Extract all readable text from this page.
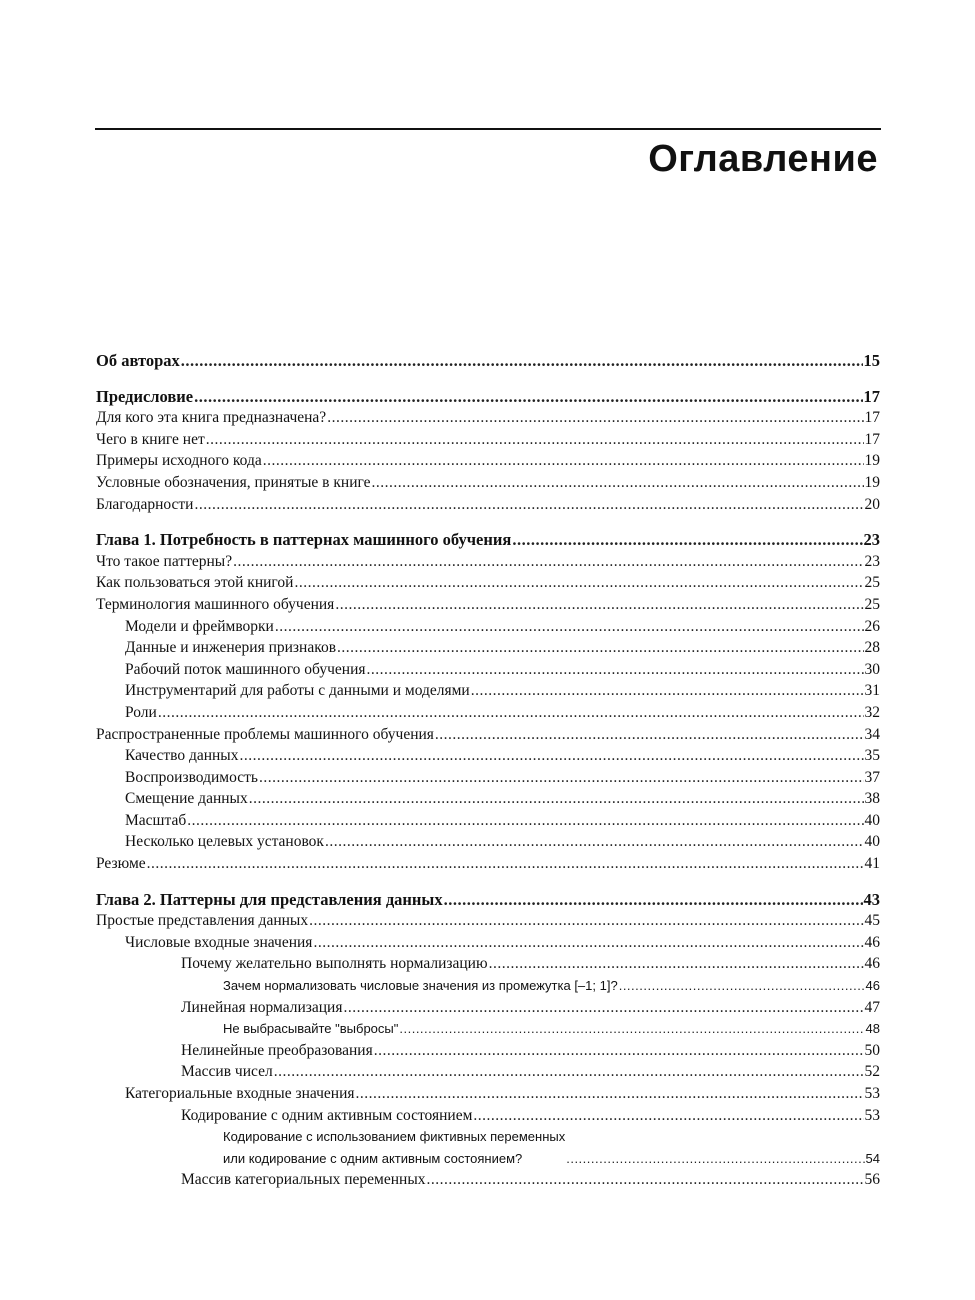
Оглавление
Об авторах .....	15
Предисловие .....	17
Для кого эта книга предназначена? .....	17
Чего в книге нет .....	17
Примеры исходного кода .....	19
Условные обозначения, принятые в книге .....	19
Благодарности .....	20
Глава 1. Потребность в паттернах машинного обучения .....	23
Что такое паттерны? .....	23
Как пользоваться этой книгой .....	25
Терминология машинного обучения .....	25
Модели и фреймворки .....	26
Данные и инженерия признаков .....	28
Рабочий поток машинного обучения .....	30
Инструментарий для работы с данными и моделями .....	31
Роли .....	32
Распространенные проблемы машинного обучения .....	34
Качество данных .....	35
Воспроизводимость .....	37
Смещение данных .....	38
Масштаб .....	40
Несколько целевых установок .....	40
Резюме .....	41
Глава 2. Паттерны для представления данных .....	43
Простые представления данных .....	45
Числовые входные значения .....	46
Почему желательно выполнять нормализацию .....	46
Зачем нормализовать числовые значения из промежутка [–1; 1]? .....	46
Линейная нормализация .....	47
Не выбрасывайте "выбросы" .....	48
Нелинейные преобразования .....	50
Массив чисел .....	52
Категориальные входные значения .....	53
Кодирование с одним активным состоянием .....	53
Кодирование с использованием фиктивных переменных
или кодирование с одним активным состоянием? .....	54
Массив категориальных переменных .....	56
